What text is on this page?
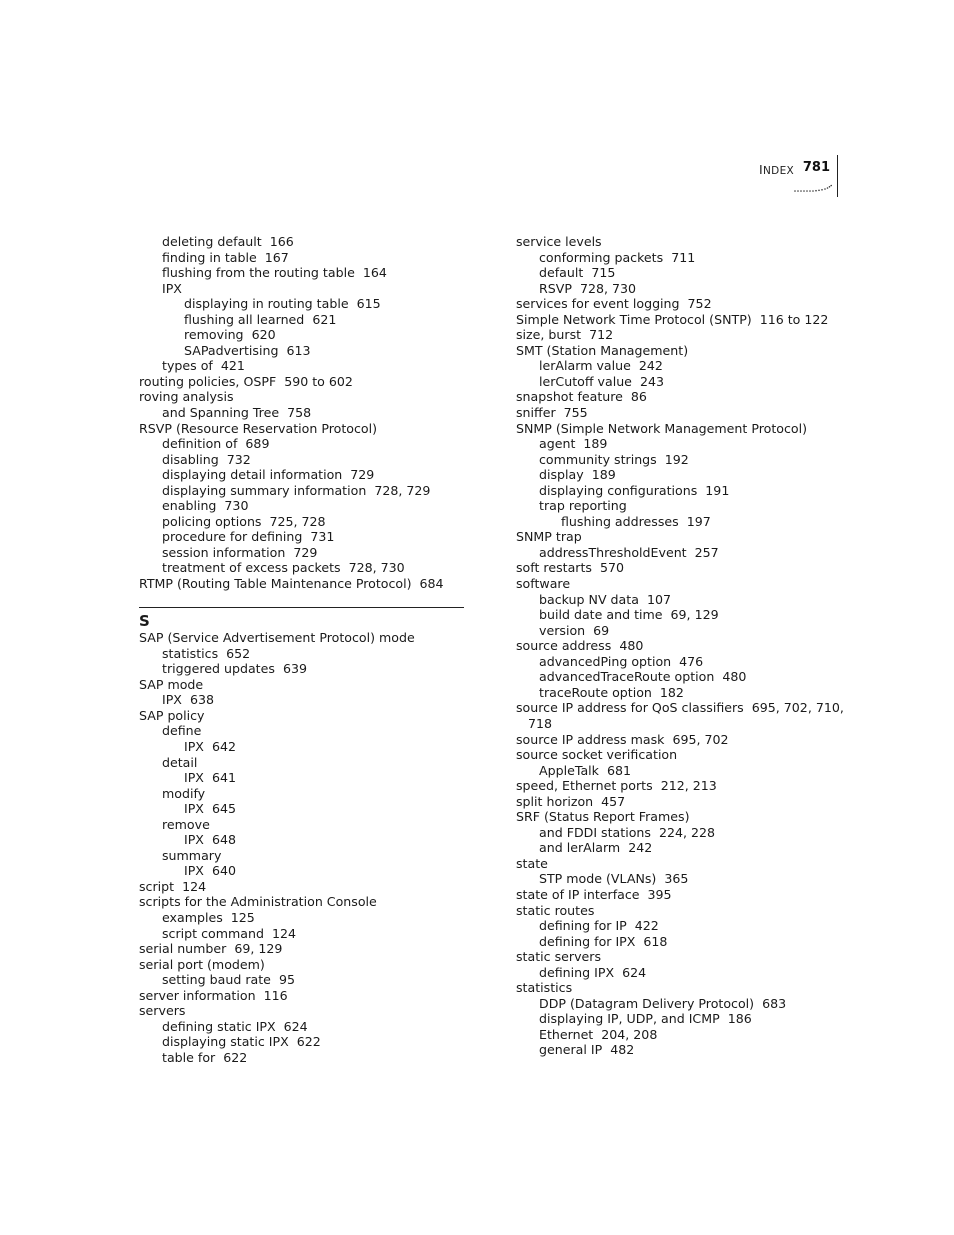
INDEX 781
deleting default 166
finding in table 167
flushing from the routing table 164
IPX
displaying in routing table 615
flushing all learned 621
removing 620
SAPadvertising 613
types of 421
routing policies, OSPF 590 to 602
roving analysis
and Spanning Tree 758
RSVP (Resource Reservation Protocol)
definition of 689
disabling 732
displaying detail information 729
displaying summary information 728, 729
enabling 730
policing options 725, 728
procedure for defining 731
session information 729
treatment of excess packets 728, 730
RTMP (Routing Table Maintenance Protocol) 684
S
SAP (Service Advertisement Protocol) mode
statistics 652
triggered updates 639
SAP mode
IPX 638
SAP policy
define
IPX 642
detail
IPX 641
modify
IPX 645
remove
IPX 648
summary
IPX 640
script 124
scripts for the Administration Console
examples 125
script command 124
serial number 69, 129
serial port (modem)
setting baud rate 95
server information 116
servers
defining static IPX 624
displaying static IPX 622
table for 622
service levels
conforming packets 711
default 715
RSVP 728, 730
services for event logging 752
Simple Network Time Protocol (SNTP) 116 to 122
size, burst 712
SMT (Station Management)
lerAlarm value 242
lerCutoff value 243
snapshot feature 86
sniffer 755
SNMP (Simple Network Management Protocol)
agent 189
community strings 192
display 189
displaying configurations 191
trap reporting
flushing addresses 197
SNMP trap
addressThresholdEvent 257
soft restarts 570
software
backup NV data 107
build date and time 69, 129
version 69
source address 480
advancedPing option 476
advancedTraceRoute option 480
traceRoute option 182
source IP address for QoS classifiers 695, 702, 710,
718
source IP address mask 695, 702
source socket verification
AppleTalk 681
speed, Ethernet ports 212, 213
split horizon 457
SRF (Status Report Frames)
and FDDI stations 224, 228
and lerAlarm 242
state
STP mode (VLANs) 365
state of IP interface 395
static routes
defining for IP 422
defining for IPX 618
static servers
defining IPX 624
statistics
DDP (Datagram Delivery Protocol) 683
displaying IP, UDP, and ICMP 186
Ethernet 204, 208
general IP 482
